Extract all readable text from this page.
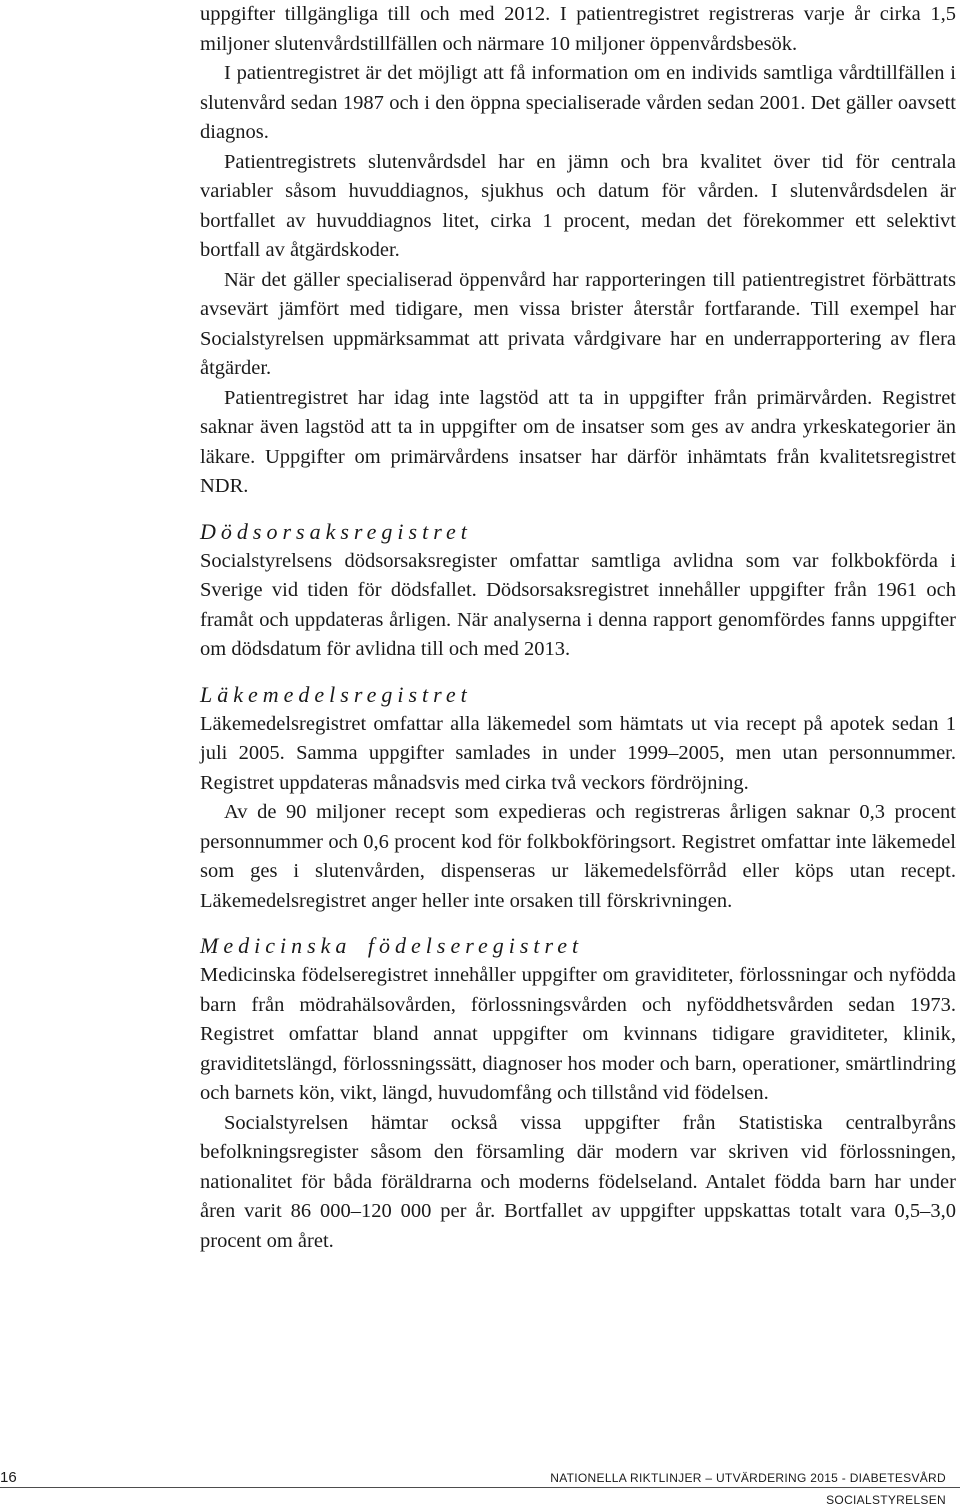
uppgifter tillgängliga till och med 2012. I patientregistret registreras varje år cirka 1,5 miljoner slutenvårdstillfällen och närmare 10 miljoner öppenvårdsbesök.

I patientregistret är det möjligt att få information om en individs samtliga vårdtillfällen i slutenvård sedan 1987 och i den öppna specialiserade vården sedan 2001. Det gäller oavsett diagnos.

Patientregistrets slutenvårdsdel har en jämn och bra kvalitet över tid för centrala variabler såsom huvuddiagnos, sjukhus och datum för vården. I slutenvårdsdelen är bortfallet av huvuddiagnos litet, cirka 1 procent, medan det förekommer ett selektivt bortfall av åtgärdskoder.

När det gäller specialiserad öppenvård har rapporteringen till patientregistret förbättrats avsevärt jämfört med tidigare, men vissa brister återstår fortfarande. Till exempel har Socialstyrelsen uppmärksammat att privata vårdgivare har en underrapportering av flera åtgärder.

Patientregistret har idag inte lagstöd att ta in uppgifter från primärvården. Registret saknar även lagstöd att ta in uppgifter om de insatser som ges av andra yrkeskategorier än läkare. Uppgifter om primärvårdens insatser har därför inhämtats från kvalitetsregistret NDR.

Dödsorsaksregistret

Socialstyrelsens dödsorsaksregister omfattar samtliga avlidna som var folkbokförda i Sverige vid tiden för dödsfallet. Dödsorsaksregistret innehåller uppgifter från 1961 och framåt och uppdateras årligen. När analyserna i denna rapport genomfördes fanns uppgifter om dödsdatum för avlidna till och med 2013.

Läkemedelsregistret

Läkemedelsregistret omfattar alla läkemedel som hämtats ut via recept på apotek sedan 1 juli 2005. Samma uppgifter samlades in under 1999–2005, men utan personnummer. Registret uppdateras månadsvis med cirka två veckors fördröjning.

Av de 90 miljoner recept som expedieras och registreras årligen saknar 0,3 procent personnummer och 0,6 procent kod för folkbokföringsort. Registret omfattar inte läkemedel som ges i slutenvården, dispenseras ur läkemedelsförråd eller köps utan recept. Läkemedelsregistret anger heller inte orsaken till förskrivningen.

Medicinska födelseregistret

Medicinska födelseregistret innehåller uppgifter om graviditeter, förlossningar och nyfödda barn från mödrahälsovården, förlossningsvården och nyföddhetsvården sedan 1973. Registret omfattar bland annat uppgifter om kvinnans tidigare graviditeter, klinik, graviditetslängd, förlossningssätt, diagnoser hos moder och barn, operationer, smärtlindring och barnets kön, vikt, längd, huvudomfång och tillstånd vid födelsen.

Socialstyrelsen hämtar också vissa uppgifter från Statistiska centralbyråns befolkningsregister såsom den församling där modern var skriven vid förlossningen, nationalitet för båda föräldrarna och moderns födelseland. Antalet födda barn har under åren varit 86 000–120 000 per år. Bortfallet av uppgifter uppskattas totalt vara 0,5–3,0 procent om året.

16	NATIONELLA RIKTLINJER – UTVÄRDERING 2015 - DIABETESVÅRD
SOCIALSTYRELSEN
